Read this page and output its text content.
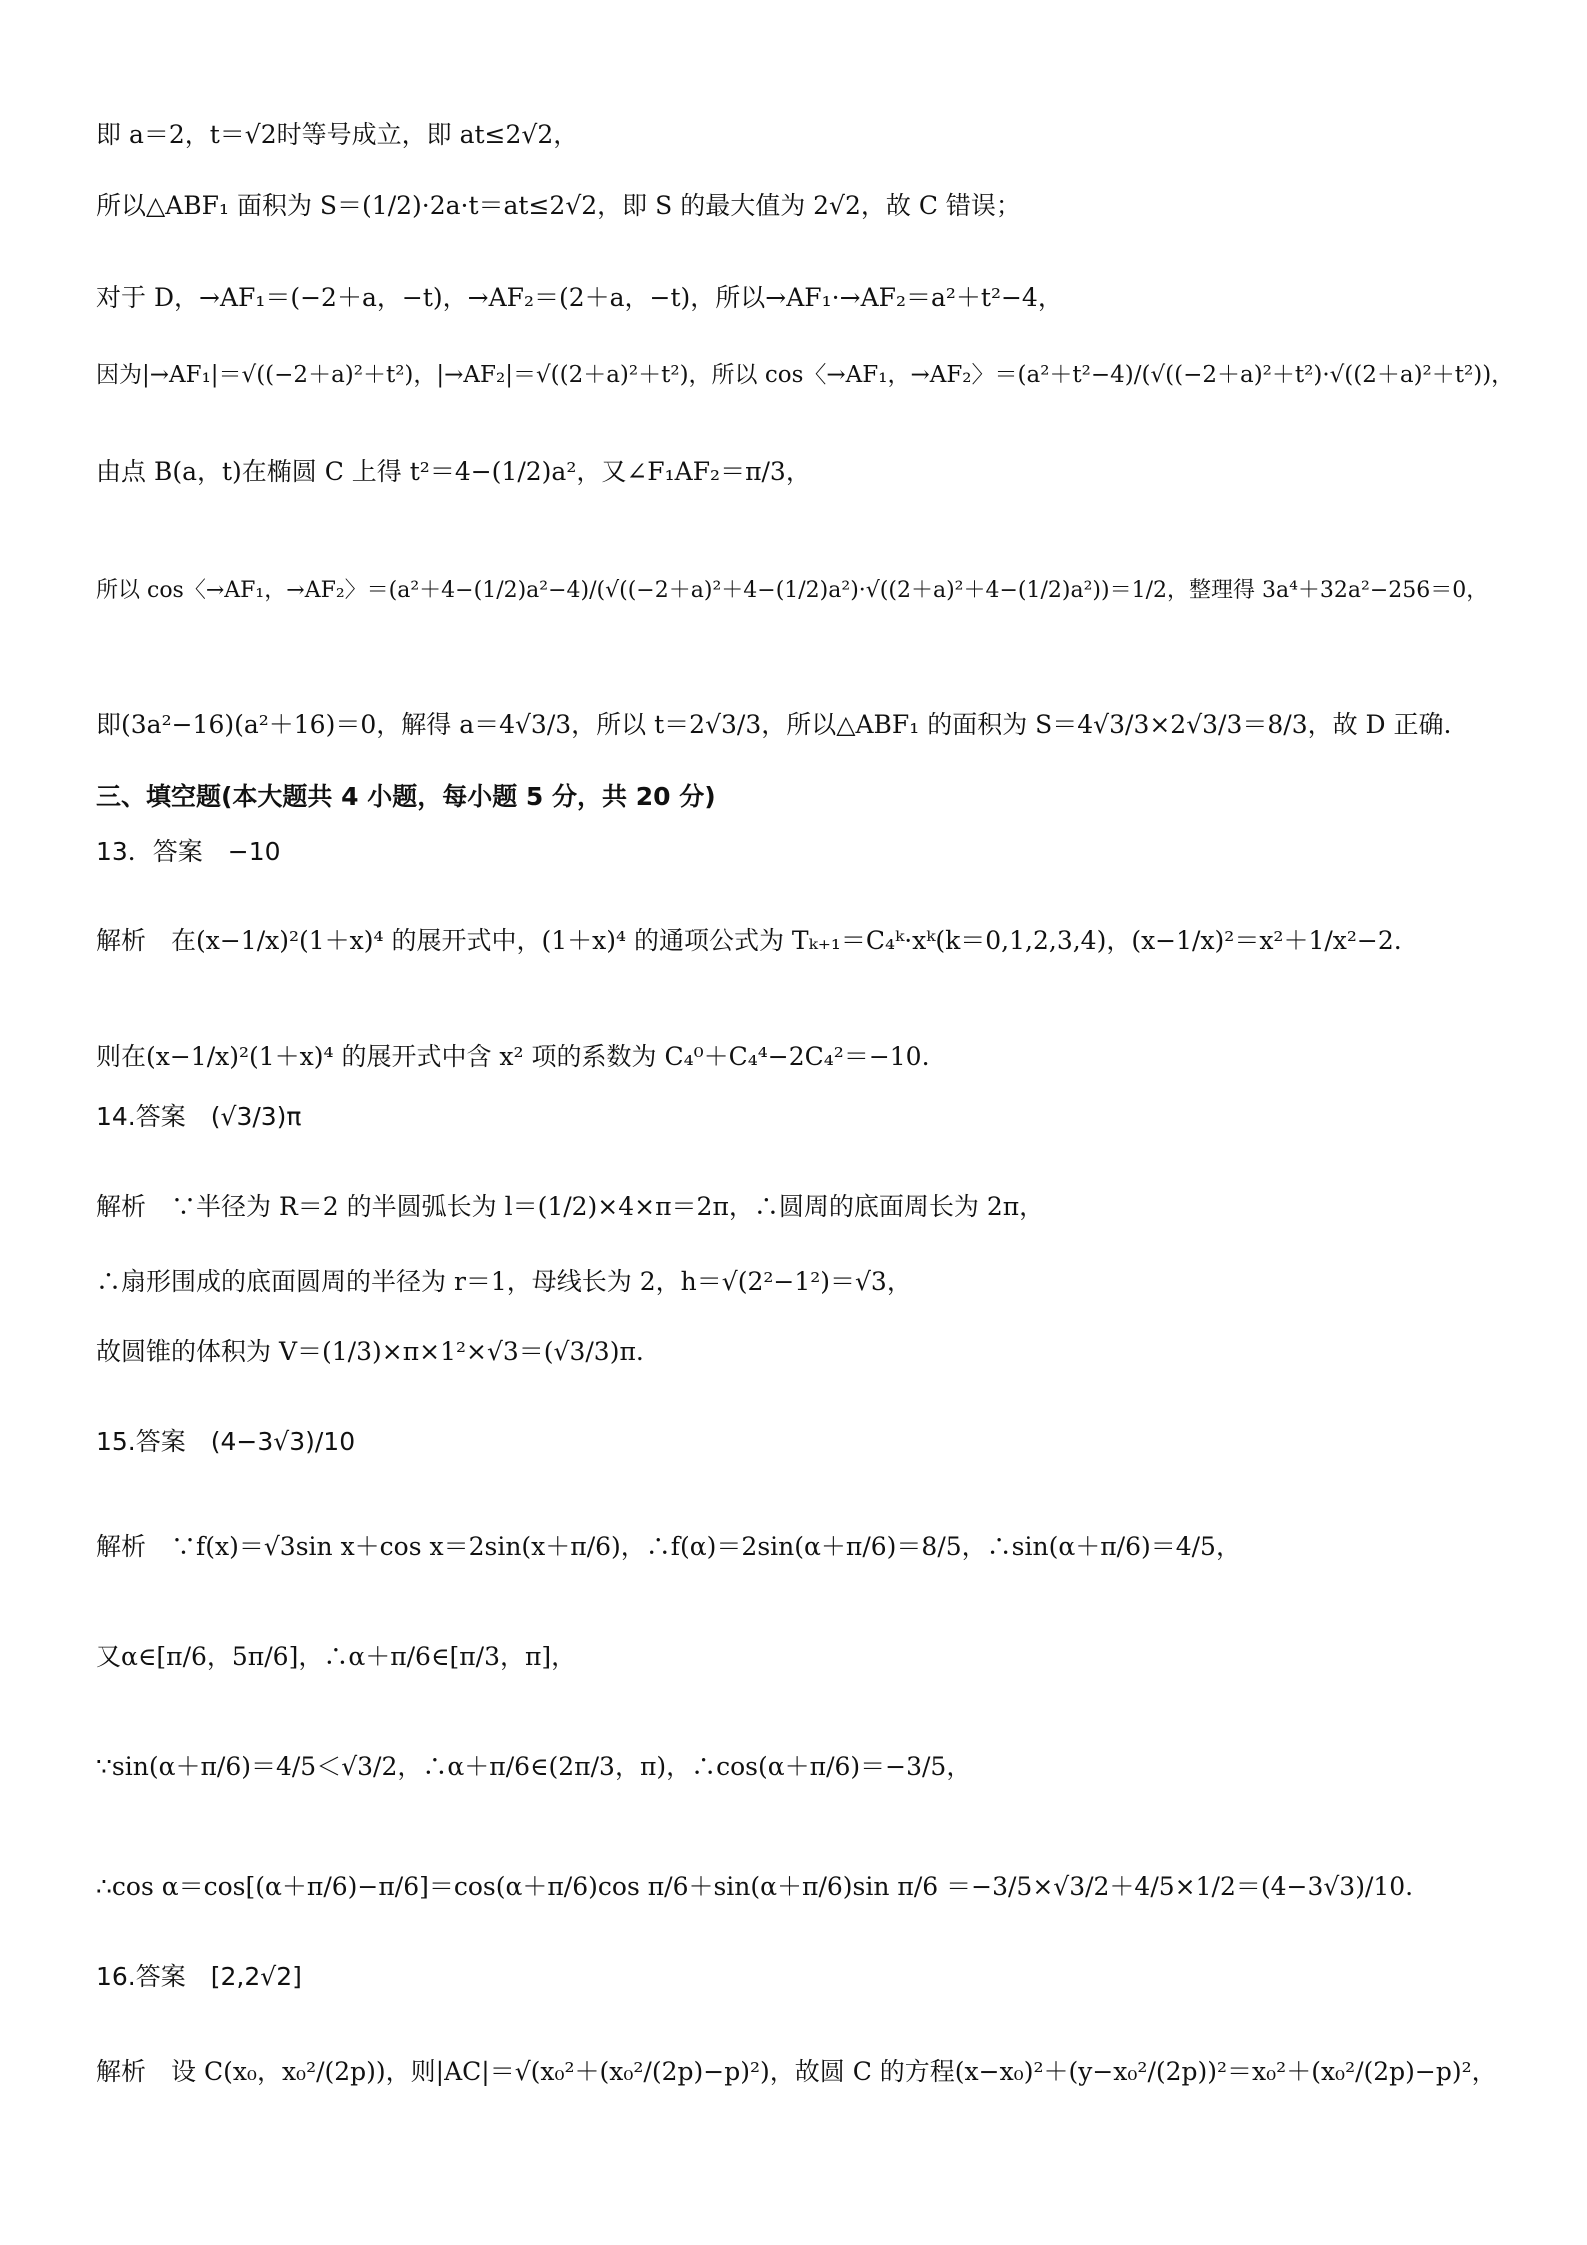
即 a＝2，t＝√2时等号成立，即 at≤2√2，
所以△ABF₁ 面积为 S＝(1/2)·2a·t＝at≤2√2，即 S 的最大值为 2√2，故 C 错误；
对于 D，→AF₁＝(−2＋a，−t)，→AF₂＝(2＋a，−t)，所以→AF₁·→AF₂＝a²＋t²−4，
因为|→AF₁|＝√((−2＋a)²＋t²)，|→AF₂|＝√((2＋a)²＋t²)，所以 cos〈→AF₁，→AF₂〉＝(a²＋t²−4)/(√((−2＋a)²＋t²)·√((2＋a)²＋t²))，
由点 B(a，t)在椭圆 C 上得 t²＝4−(1/2)a²，又∠F₁AF₂＝π/3，
所以 cos〈→AF₁，→AF₂〉＝(a²＋4−(1/2)a²−4)/(√((−2＋a)²＋4−(1/2)a²)·√((2＋a)²＋4−(1/2)a²))＝1/2，整理得 3a⁴＋32a²−256＝0，
即(3a²−16)(a²＋16)＝0，解得 a＝4√3/3，所以 t＝2√3/3，所以△ABF₁ 的面积为 S＝4√3/3×2√3/3＝8/3，故 D 正确.
三、填空题(本大题共 4 小题，每小题 5 分，共 20 分)
13．答案　−10
解析　在(x−1/x)²(1＋x)⁴ 的展开式中，(1＋x)⁴ 的通项公式为 Tₖ₊₁＝C₄ᵏ·xᵏ(k＝0,1,2,3,4)，(x−1/x)²＝x²＋1/x²−2.
则在(x−1/x)²(1＋x)⁴ 的展开式中含 x² 项的系数为 C₄⁰＋C₄⁴−2C₄²＝−10.
14.答案　(√3/3)π
解析　∵半径为 R＝2 的半圆弧长为 l＝(1/2)×4×π＝2π，∴圆周的底面周长为 2π，
∴扇形围成的底面圆周的半径为 r＝1，母线长为 2，h＝√(2²−1²)＝√3，
故圆锥的体积为 V＝(1/3)×π×1²×√3＝(√3/3)π.
15.答案　(4−3√3)/10
解析　∵f(x)＝√3sin x＋cos x＝2sin(x＋π/6)，∴f(α)＝2sin(α＋π/6)＝8/5，∴sin(α＋π/6)＝4/5，
又α∈[π/6，5π/6]，∴α＋π/6∈[π/3，π]，
∵sin(α＋π/6)＝4/5＜√3/2，∴α＋π/6∈(2π/3，π)，∴cos(α＋π/6)＝−3/5，
∴cos α＝cos[(α＋π/6)−π/6]＝cos(α＋π/6)cos π/6＋sin(α＋π/6)sin π/6 ＝−3/5×√3/2＋4/5×1/2＝(4−3√3)/10.
16.答案　[2,2√2]
解析　设 C(x₀，x₀²/(2p))，则|AC|＝√(x₀²＋(x₀²/(2p)−p)²)，故圆 C 的方程(x−x₀)²＋(y−x₀²/(2p))²＝x₀²＋(x₀²/(2p)−p)²，
